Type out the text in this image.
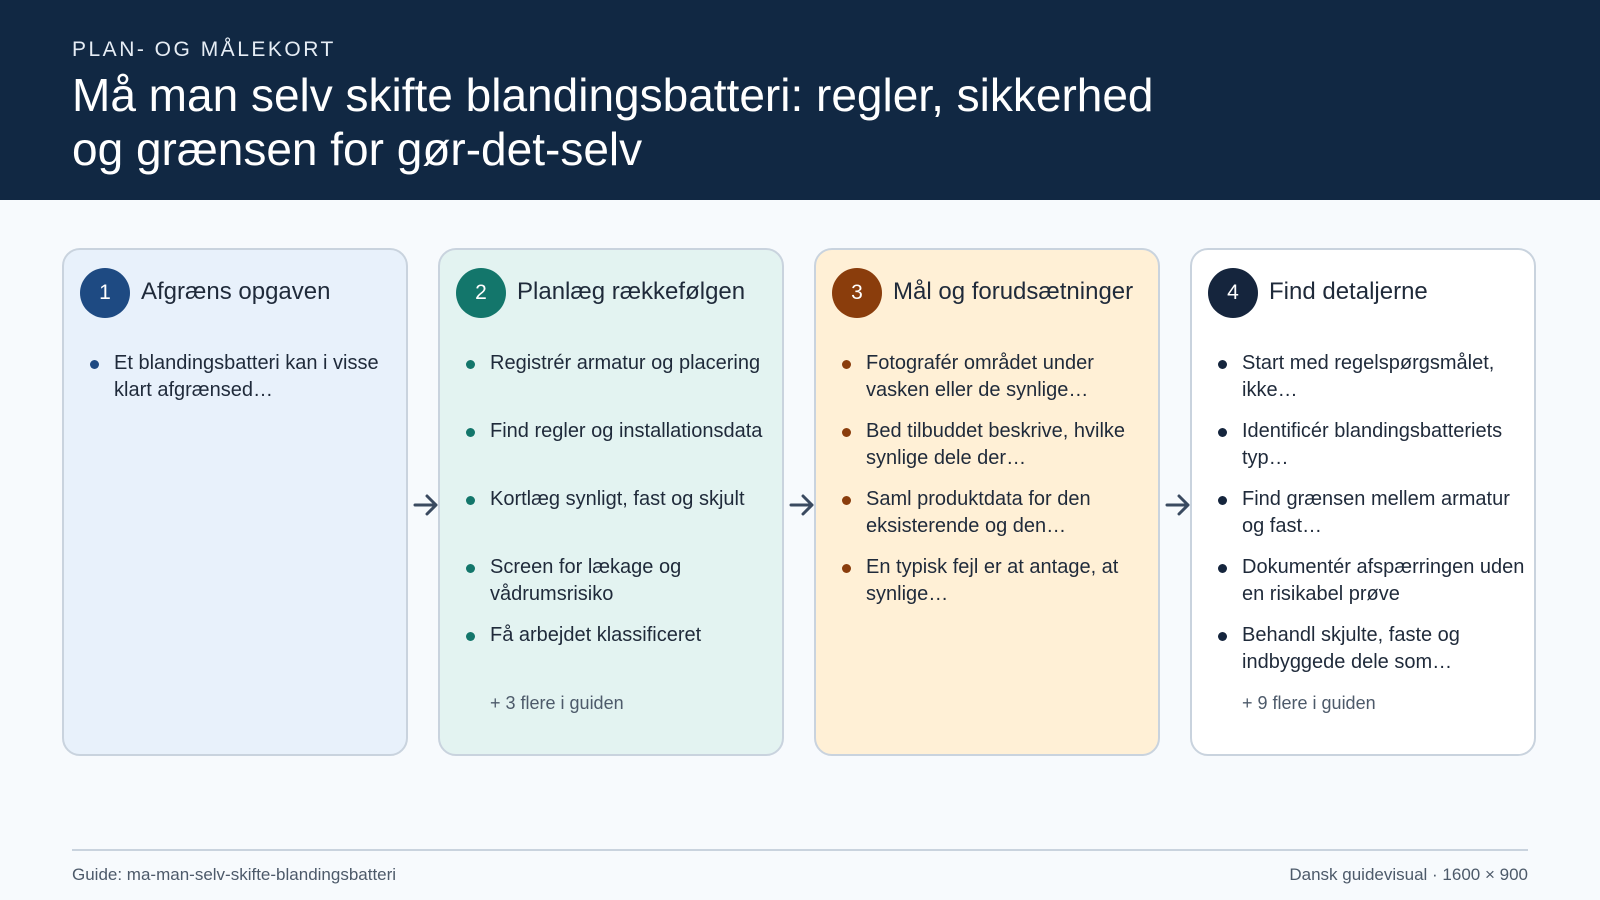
PLAN- OG MÅLEKORT
Må man selv skifte blandingsbatteri: regler, sikkerhed og grænsen for gør-det-selv
1	Afgræns opgaven
Et blandingsbatteri kan i visse klart afgrænsed…
2	Planlæg rækkefølgen
Registrér armatur og placering
Find regler og installationsdata
Kortlæg synligt, fast og skjult
Screen for lækage og vådrumsrisiko
Få arbejdet klassificeret
+ 3 flere i guiden
3	Mål og forudsætninger
Fotografér området under vasken eller de synlige…
Bed tilbuddet beskrive, hvilke synlige dele der…
Saml produktdata for den eksisterende og den…
En typisk fejl er at antage, at synlige…
4	Find detaljerne
Start med regelspørgsmålet, ikke…
Identificér blandingsbatteriets typ…
Find grænsen mellem armatur og fast…
Dokumentér afspærringen uden en risikabel prøve
Behandl skjulte, faste og indbyggede dele som…
+ 9 flere i guiden
Guide: ma-man-selv-skifte-blandingsbatteri	Dansk guidevisual · 1600 × 900
